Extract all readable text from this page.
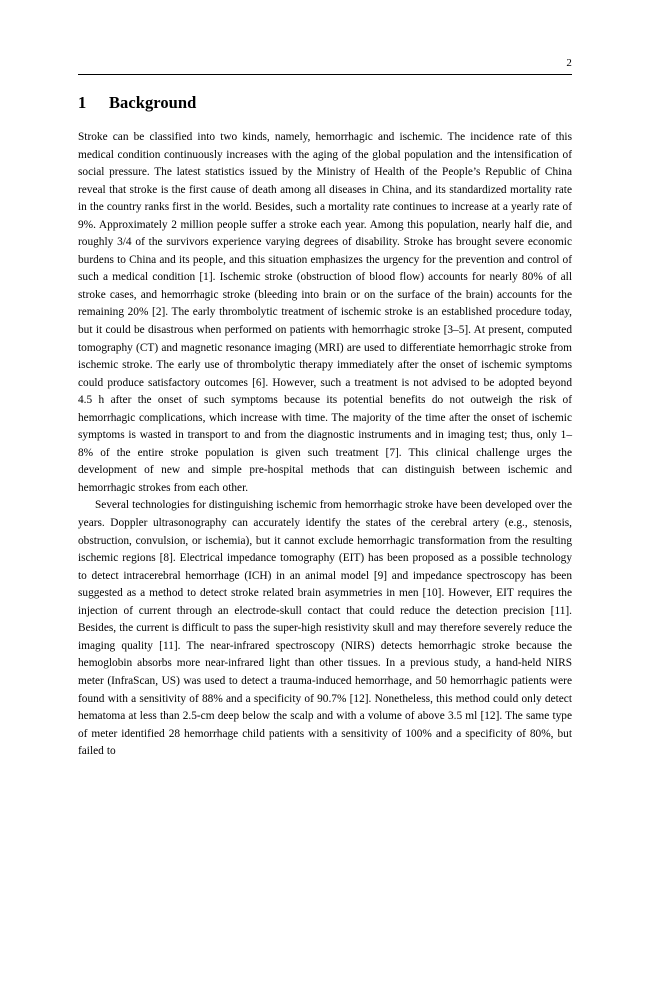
2
1	Background

Stroke can be classified into two kinds, namely, hemorrhagic and ischemic. The incidence rate of this medical condition continuously increases with the aging of the global population and the intensification of social pressure. The latest statistics issued by the Ministry of Health of the People’s Republic of China reveal that stroke is the first cause of death among all diseases in China, and its standardized mortality rate in the country ranks first in the world. Besides, such a mortality rate continues to increase at a yearly rate of 9%. Approximately 2 million people suffer a stroke each year. Among this population, nearly half die, and roughly 3/4 of the survivors experience varying degrees of disability. Stroke has brought severe economic burdens to China and its people, and this situation emphasizes the urgency for the prevention and control of such a medical condition [1]. Ischemic stroke (obstruction of blood flow) accounts for nearly 80% of all stroke cases, and hemorrhagic stroke (bleeding into brain or on the surface of the brain) accounts for the remaining 20% [2]. The early thrombolytic treatment of ischemic stroke is an established procedure today, but it could be disastrous when performed on patients with hemorrhagic stroke [3–5]. At present, computed tomography (CT) and magnetic resonance imaging (MRI) are used to differentiate hemorrhagic stroke from ischemic stroke. The early use of thrombolytic therapy immediately after the onset of ischemic symptoms could produce satisfactory outcomes [6]. However, such a treatment is not advised to be adopted beyond 4.5 h after the onset of such symptoms because its potential benefits do not outweigh the risk of hemorrhagic complications, which increase with time. The majority of the time after the onset of ischemic symptoms is wasted in transport to and from the diagnostic instruments and in imaging test; thus, only 1–8% of the entire stroke population is given such treatment [7]. This clinical challenge urges the development of new and simple pre-hospital methods that can distinguish between ischemic and hemorrhagic strokes from each other.

Several technologies for distinguishing ischemic from hemorrhagic stroke have been developed over the years. Doppler ultrasonography can accurately identify the states of the cerebral artery (e.g., stenosis, obstruction, convulsion, or ischemia), but it cannot exclude hemorrhagic transformation from the resulting ischemic regions [8]. Electrical impedance tomography (EIT) has been proposed as a possible technology to detect intracerebral hemorrhage (ICH) in an animal model [9] and impedance spectroscopy has been suggested as a method to detect stroke related brain asymmetries in men [10]. However, EIT requires the injection of current through an electrode-skull contact that could reduce the detection precision [11]. Besides, the current is difficult to pass the super-high resistivity skull and may therefore severely reduce the imaging quality [11]. The near-infrared spectroscopy (NIRS) detects hemorrhagic stroke because the hemoglobin absorbs more near-infrared light than other tissues. In a previous study, a hand-held NIRS meter (InfraScan, US) was used to detect a trauma-induced hemorrhage, and 50 hemorrhagic patients were found with a sensitivity of 88% and a specificity of 90.7% [12]. Nonetheless, this method could only detect hematoma at less than 2.5-cm deep below the scalp and with a volume of above 3.5 ml [12]. The same type of meter identified 28 hemorrhage child patients with a sensitivity of 100% and a specificity of 80%, but failed to
